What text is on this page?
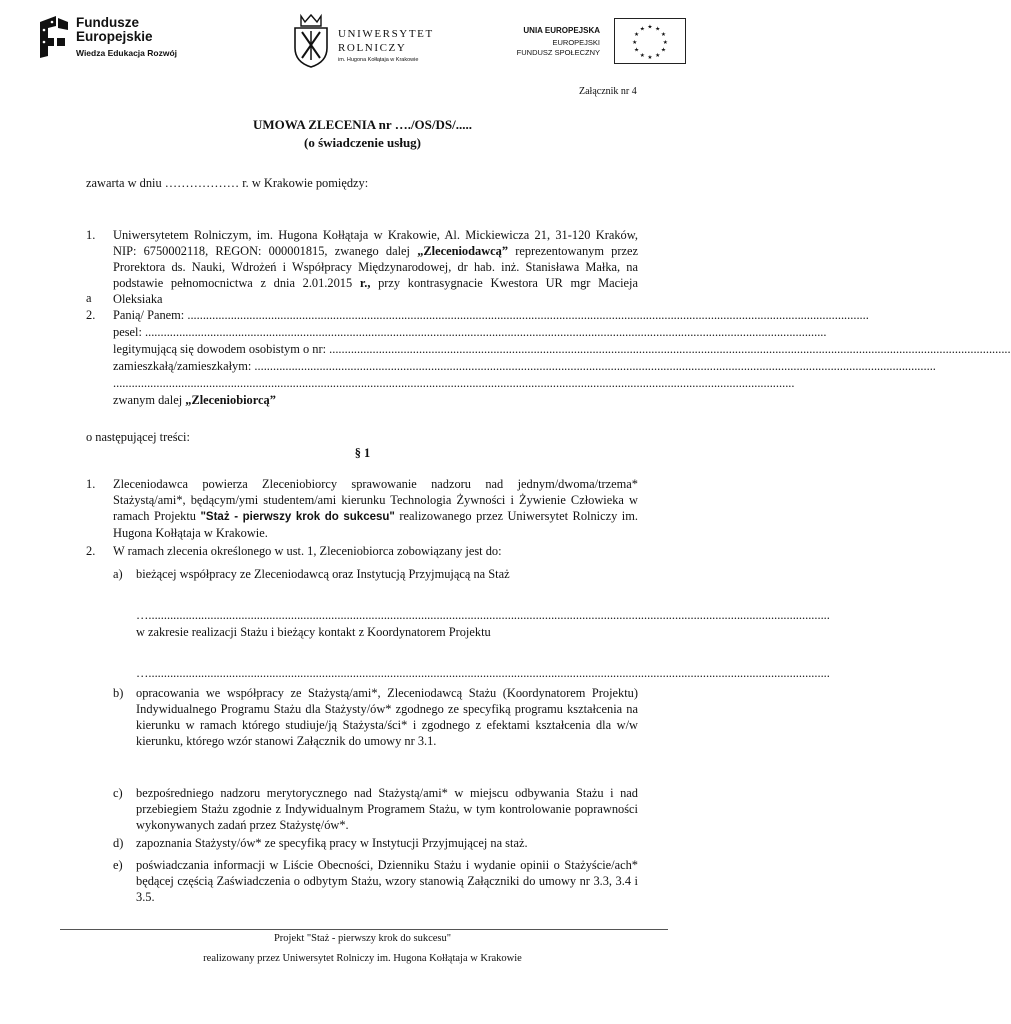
Fundusze
Europejskie
Wiedza Edukacja Rozwój
UNIWERSYTET
ROLNICZY
im. Hugona Kołłątaja w Krakowie
UNIA EUROPEJSKA
EUROPEJSKI
FUNDUSZ SPOŁECZNY
★ ★
★
★
★
★
★
★
★
★
★
★
Załącznik nr 4
UMOWA ZLECENIA nr …./OS/DS/.....
(o świadczenie usług)
zawarta w dniu ……………… r. w Krakowie pomiędzy:
1. Uniwersytetem Rolniczym, im. Hugona Kołłątaja w Krakowie, Al. Mickiewicza 21, 31-120 Kraków, NIP: 6750002118, REGON: 000001815, zwanego dalej „Zleceniodawcą” reprezentowanym przez Prorektora ds. Nauki, Wdrożeń i Współpracy Międzynarodowej, dr hab. inż. Stanisława Małka, na podstawie pełnomocnictwa z dnia 2.01.2015 r., przy kontrasygnacie Kwestora UR mgr Macieja Oleksiaka
a
2. Panią/ Panem: ............................................................................................................................................................................................................................
pesel: ............................................................................................................................................................................................................................
legitymującą się dowodem osobistym o nr: ............................................................................................................................................................................................................................
zamieszkałą/zamieszkałym: ............................................................................................................................................................................................................................
............................................................................................................................................................................................................................
zwanym dalej „Zleceniobiorcą”
o następującej treści:
§ 1
1. Zleceniodawca powierza Zleceniobiorcy sprawowanie nadzoru nad jednym/dwoma/trzema* Stażystą/ami*, będącym/ymi studentem/ami kierunku Technologia Żywności i Żywienie Człowieka w ramach Projektu "Staż - pierwszy krok do sukcesu" realizowanego przez Uniwersytet Rolniczy im. Hugona Kołłątaja w Krakowie.
2. W ramach zlecenia określonego w ust. 1, Zleceniobiorca zobowiązany jest do:
a) bieżącej współpracy ze Zleceniodawcą oraz Instytucją Przyjmującą na Staż
…............................................................................................................................................................................................................................
w zakresie realizacji Stażu i bieżący kontakt z Koordynatorem Projektu
…............................................................................................................................................................................................................................
b) opracowania we współpracy ze Stażystą/ami*, Zleceniodawcą Stażu (Koordynatorem Projektu) Indywidualnego Programu Stażu dla Stażysty/ów* zgodnego ze specyfiką programu kształcenia na kierunku w ramach którego studiuje/ją Stażysta/ści* i zgodnego z efektami kształcenia dla w/w kierunku, którego wzór stanowi Załącznik do umowy nr 3.1.
c) bezpośredniego nadzoru merytorycznego nad Stażystą/ami* w miejscu odbywania Stażu i nad przebiegiem Stażu zgodnie z Indywidualnym Programem Stażu, w tym kontrolowanie poprawności wykonywanych zadań przez Stażystę/ów*.
d) zapoznania Stażysty/ów* ze specyfiką pracy w Instytucji Przyjmującej na staż.
e) poświadczania informacji w Liście Obecności, Dzienniku Stażu i wydanie opinii o Stażyście/ach* będącej częścią Zaświadczenia o odbytym Stażu, wzory stanowią Załączniki do umowy nr 3.3, 3.4 i 3.5.
Projekt "Staż - pierwszy krok do sukcesu"
realizowany przez Uniwersytet Rolniczy im. Hugona Kołłątaja w Krakowie
